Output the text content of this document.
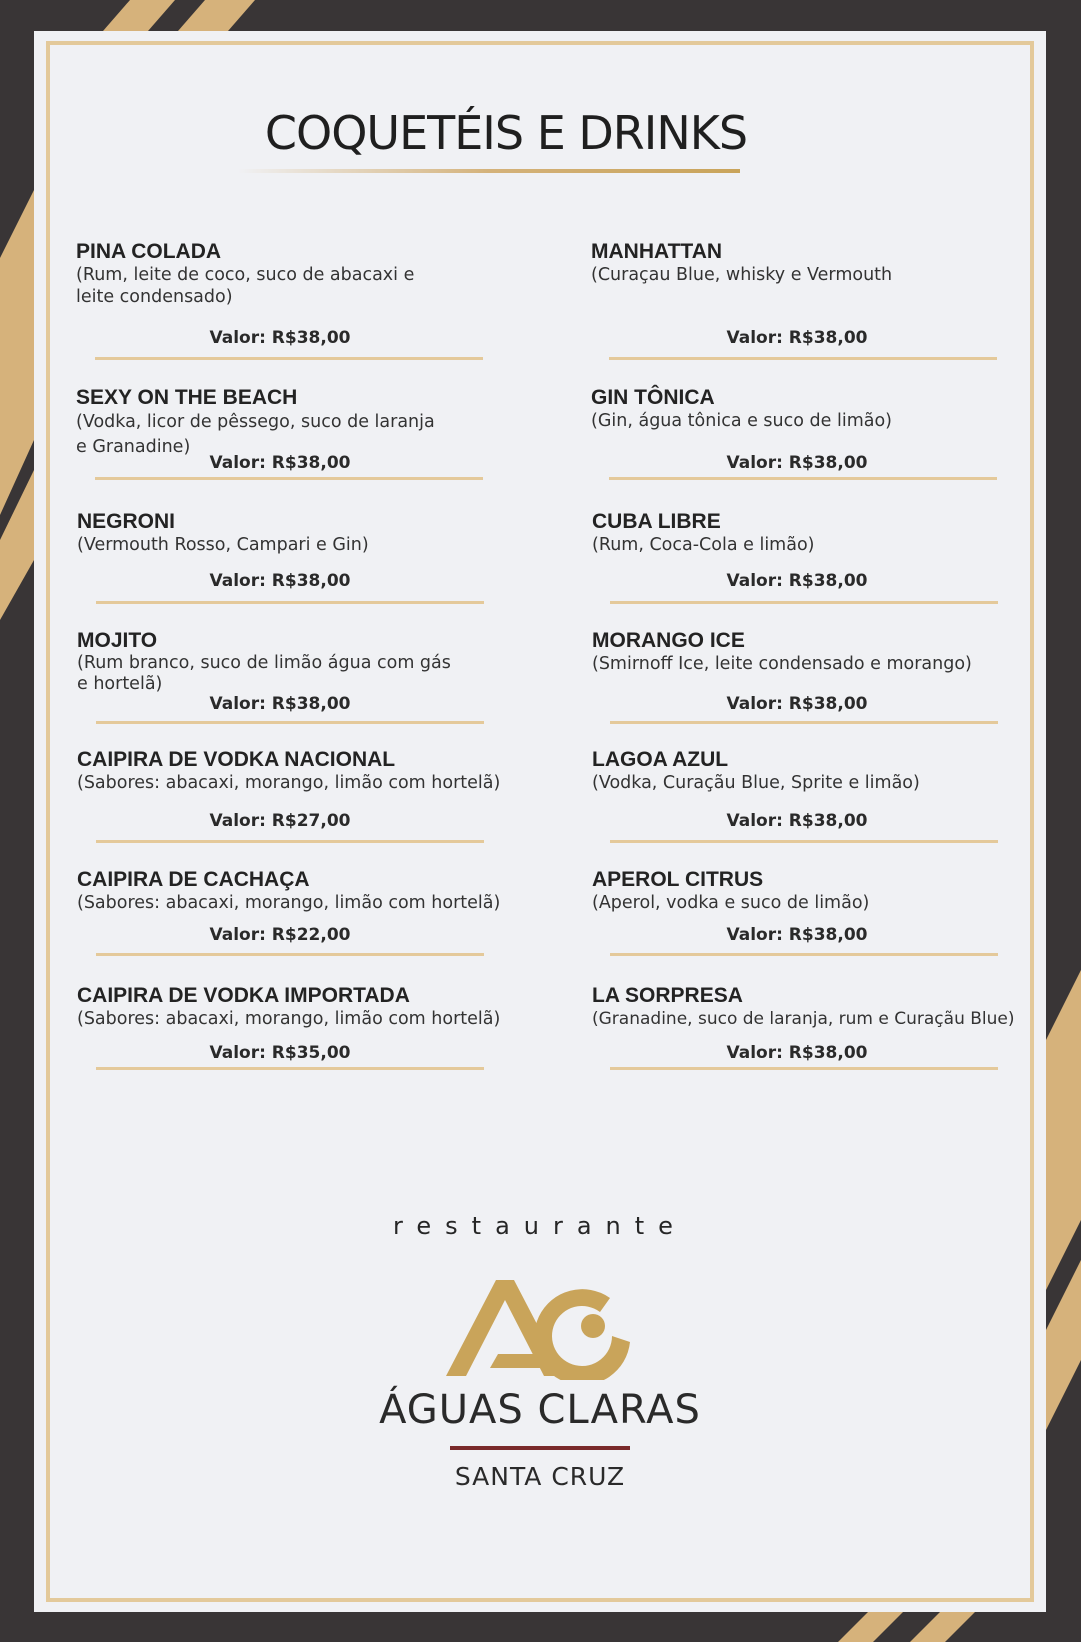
COQUETÉIS E DRINKS
PINA COLADA
(Rum, leite de coco, suco de abacaxi e
leite condensado)
Valor: R$38,00
SEXY ON THE BEACH
(Vodka, licor de pêssego, suco de laranja
e Granadine)
Valor: R$38,00
NEGRONI
(Vermouth Rosso, Campari e Gin)
Valor: R$38,00
MOJITO
(Rum branco, suco de limão água com gás
e hortelã)
Valor: R$38,00
CAIPIRA DE VODKA NACIONAL
(Sabores: abacaxi, morango, limão com hortelã)
Valor: R$27,00
CAIPIRA DE CACHAÇA
(Sabores: abacaxi, morango, limão com hortelã)
Valor: R$22,00
CAIPIRA DE VODKA IMPORTADA
(Sabores: abacaxi, morango, limão com hortelã)
Valor: R$35,00
MANHATTAN
(Curaçau Blue, whisky e Vermouth
Valor: R$38,00
GIN TÔNICA
(Gin, água tônica e suco de limão)
Valor: R$38,00
CUBA LIBRE
(Rum, Coca-Cola e limão)
Valor: R$38,00
MORANGO ICE
(Smirnoff Ice, leite condensado e morango)
Valor: R$38,00
LAGOA AZUL
(Vodka, Curaçãu Blue, Sprite e limão)
Valor: R$38,00
APEROL CITRUS
(Aperol, vodka e suco de limão)
Valor: R$38,00
LA SORPRESA
(Granadine, suco de laranja, rum e Curaçãu Blue)
Valor: R$38,00
restaurante
ÁGUAS CLARAS
SANTA CRUZ
